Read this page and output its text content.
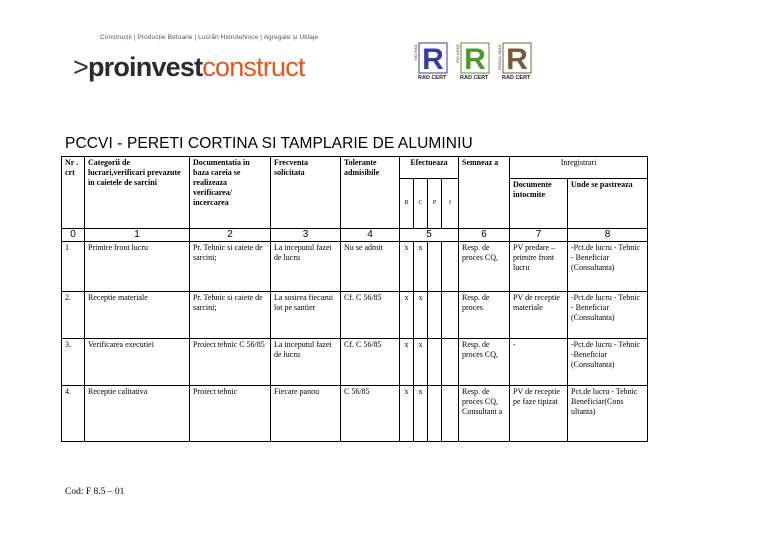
Construcții | Producție Betoane | Lucrări Hidrotehnice | Agregate și Utilaje
>proinvestconstruct	ISO 9001 R
RAD CERT
ISO 14001 R
RAD CERT
OHSAS 18001 R
RAD CERT
PCCVI - PERETI CORTINA SI TAMPLARIE DE ALUMINIU
Nr . crt	Categorii de lucrari,verificari prevazute in caietele de sarcini	Documentatia in baza careia se realizeaza verificarea/ incercarea	Frecventa solicitata	Tolerante admisibile	Efectueaza				Semneaz a	Inregistrari	
					B	C	P	I		Documente intocmite	Unde se pastreaza

0	1	2	3	4	5				6	7	8
1	Primire front lucru	Pr. Tehnic si caiete de sarcini;	La inceputul fazei de lucru	Nu se admit	x	x			Resp. de proces CQ,	PV predare – primire front lucru	-Pct.de lucru - Tehnic - Beneficiar (Consultanta)
2.	Receptie materiale	Pr. Tehnic si caiete de sarcini;	La sosirea fiecarui lot pe santier	Cf. C 56/85	x	x			Resp. de proces	PV de receptie materiale	-Pct.de lucru - Tehnic - Beneficiar (Consultanta)
3.	Verificarea executiei	Proiect tehnic C 56/85	La inceputul fazei de lucru	Cf. C 56/85	x	x			Resp. de proces CQ,	-	-Pct.de lucru - Tehnic -Beneficiar (Consultanta)
4.	Receptie calitativa	Proiect tehnic	Fiecare panou	C 56/85	x	x			Resp. de proces CQ, Consultant a	PV de receptie pe faze tipizat	Pct.de lucru - Tehnic Beneficiar(Cons ultanta)
Cod: F 8.5 – 01
